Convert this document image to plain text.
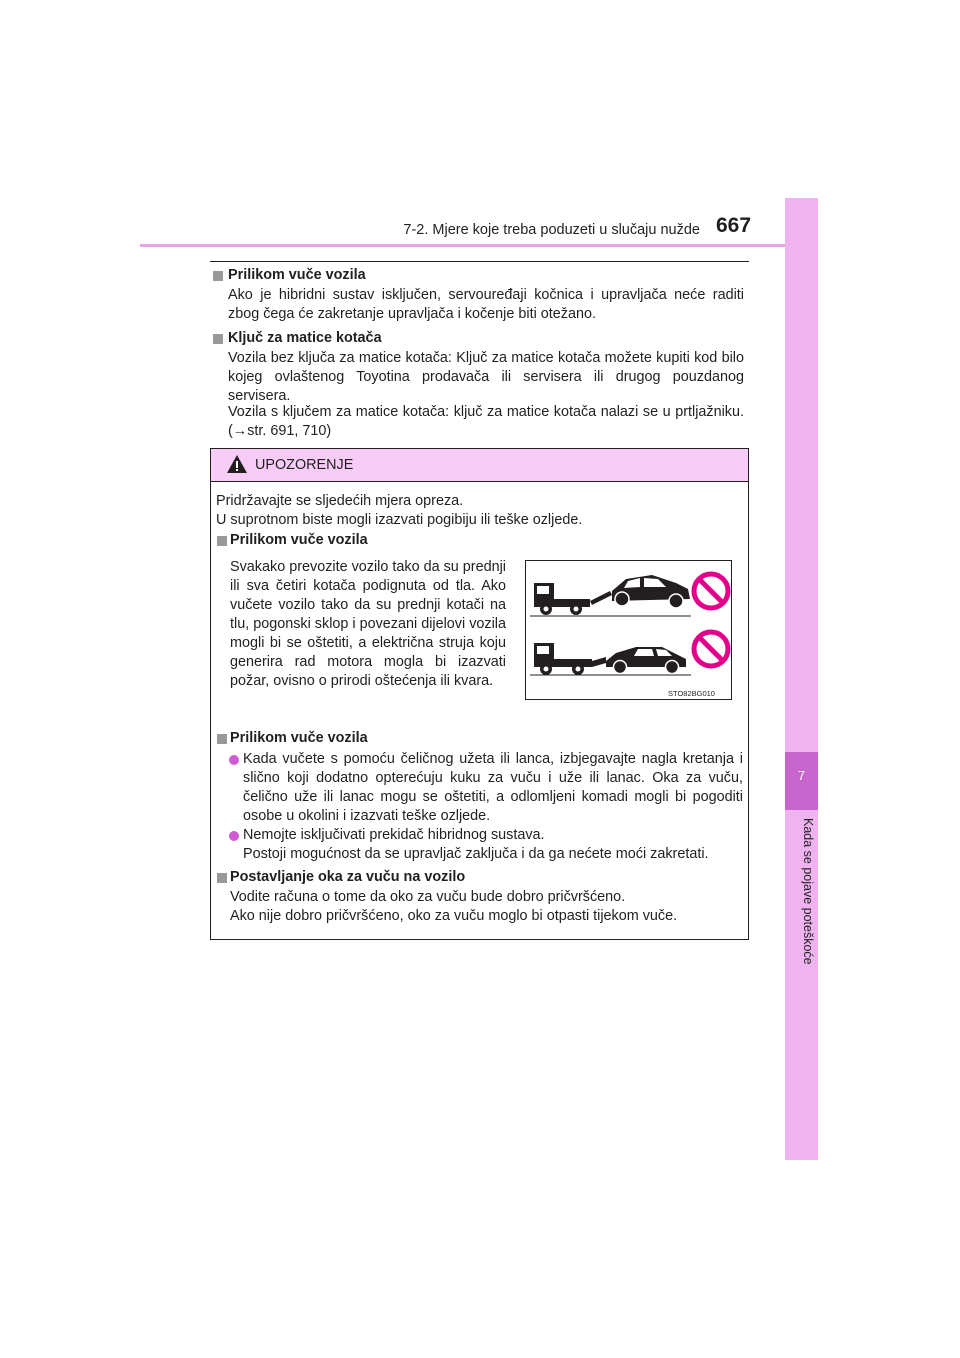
7-2. Mjere koje treba poduzeti u slučaju nužde 667
7
Kada se pojave poteškoće
Prilikom vuče vozila
Ako je hibridni sustav isključen, servouređaji kočnica i upravljača neće raditi zbog čega će zakretanje upravljača i kočenje biti otežano.
Ključ za matice kotača
Vozila bez ključa za matice kotača: Ključ za matice kotača možete kupiti kod bilo kojeg ovlaštenog Toyotina prodavača ili servisera ili drugog pouzdanog servisera.
Vozila s ključem za matice kotača: ključ za matice kotača nalazi se u prtljažniku. (→str. 691, 710)
UPOZORENJE
Pridržavajte se sljedećih mjera opreza.
U suprotnom biste mogli izazvati pogibiju ili teške ozljede.
Prilikom vuče vozila
Svakako prevozite vozilo tako da su prednji ili sva četiri kotača podignuta od tla. Ako vučete vozilo tako da su prednji kotači na tlu, pogonski sklop i povezani dijelovi vozila mogli bi se oštetiti, a električna struja koju generira rad motora mogla bi izazvati požar, ovisno o prirodi oštećenja ili kvara.
STO82BG010
Prilikom vuče vozila
Kada vučete s pomoću čeličnog užeta ili lanca, izbjegavajte nagla kretanja i slično koji dodatno opterećuju kuku za vuču i uže ili lanac. Oka za vuču, čelično uže ili lanac mogu se oštetiti, a odlomljeni komadi mogli bi pogoditi osobe u okolini i izazvati teške ozljede.
Nemojte isključivati prekidač hibridnog sustava.
Postoji mogućnost da se upravljač zaključa i da ga nećete moći zakretati.
Postavljanje oka za vuču na vozilo
Vodite računa o tome da oko za vuču bude dobro pričvršćeno.
Ako nije dobro pričvršćeno, oko za vuču moglo bi otpasti tijekom vuče.
